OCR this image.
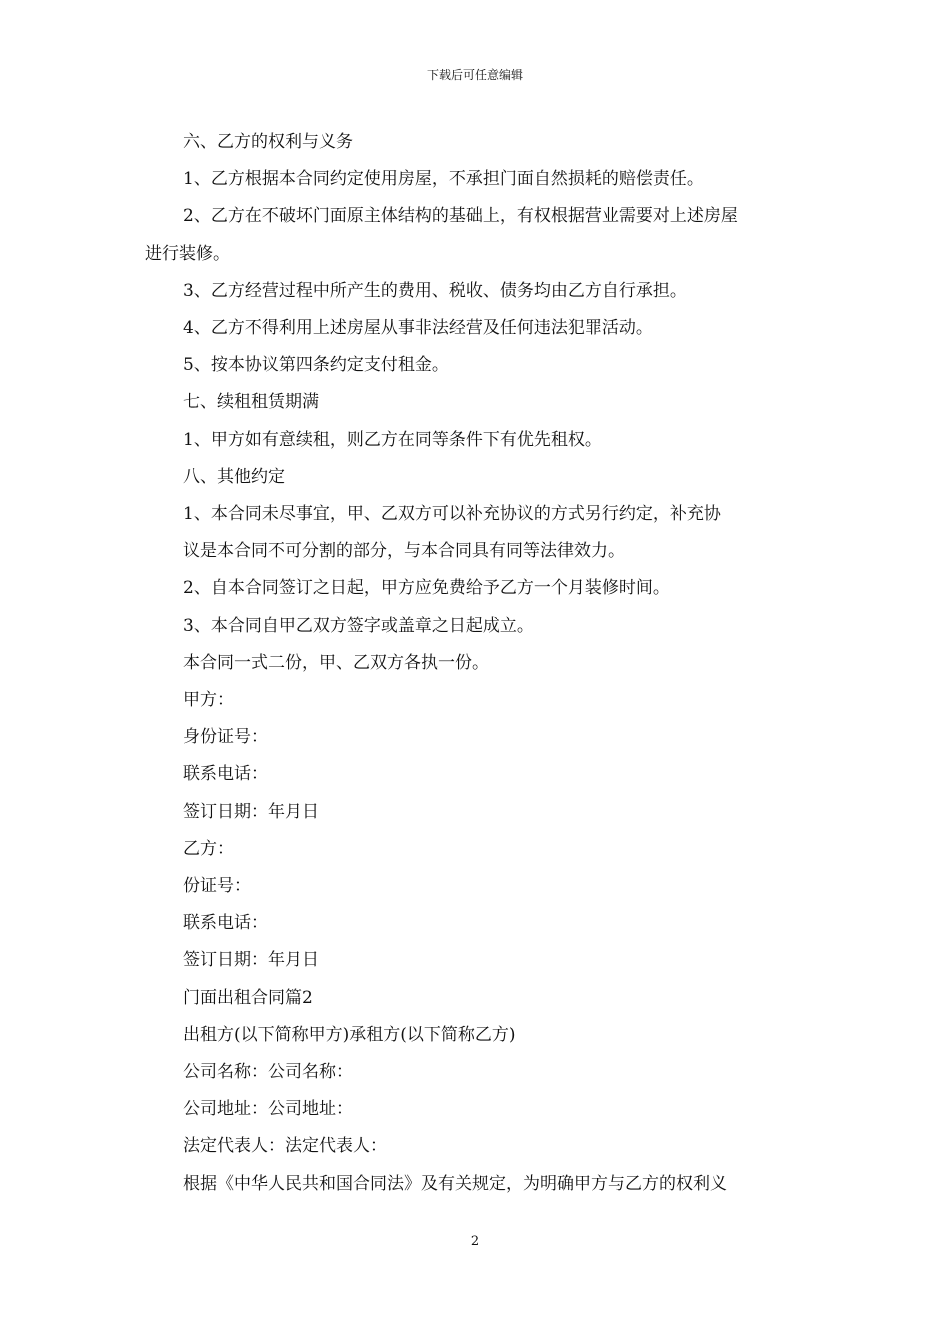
下载后可任意编辑
六、乙方的权利与义务
1、乙方根据本合同约定使用房屋，不承担门面自然损耗的赔偿责任。
2、乙方在不破坏门面原主体结构的基础上，有权根据营业需要对上述房屋
进行装修。
3、乙方经营过程中所产生的费用、税收、债务均由乙方自行承担。
4、乙方不得利用上述房屋从事非法经营及任何违法犯罪活动。
5、按本协议第四条约定支付租金。
七、续租租赁期满
1、甲方如有意续租，则乙方在同等条件下有优先租权。
八、其他约定
1、本合同未尽事宜，甲、乙双方可以补充协议的方式另行约定，补充协
议是本合同不可分割的部分，与本合同具有同等法律效力。
2、自本合同签订之日起，甲方应免费给予乙方一个月装修时间。
3、本合同自甲乙双方签字或盖章之日起成立。
本合同一式二份，甲、乙双方各执一份。
甲方：
身份证号：
联系电话：
签订日期：年月日
乙方：
份证号：
联系电话：
签订日期：年月日
门面出租合同篇2
出租方(以下简称甲方)承租方(以下简称乙方)
公司名称：公司名称：
公司地址：公司地址：
法定代表人：法定代表人：
根据《中华人民共和国合同法》及有关规定，为明确甲方与乙方的权利义
2
